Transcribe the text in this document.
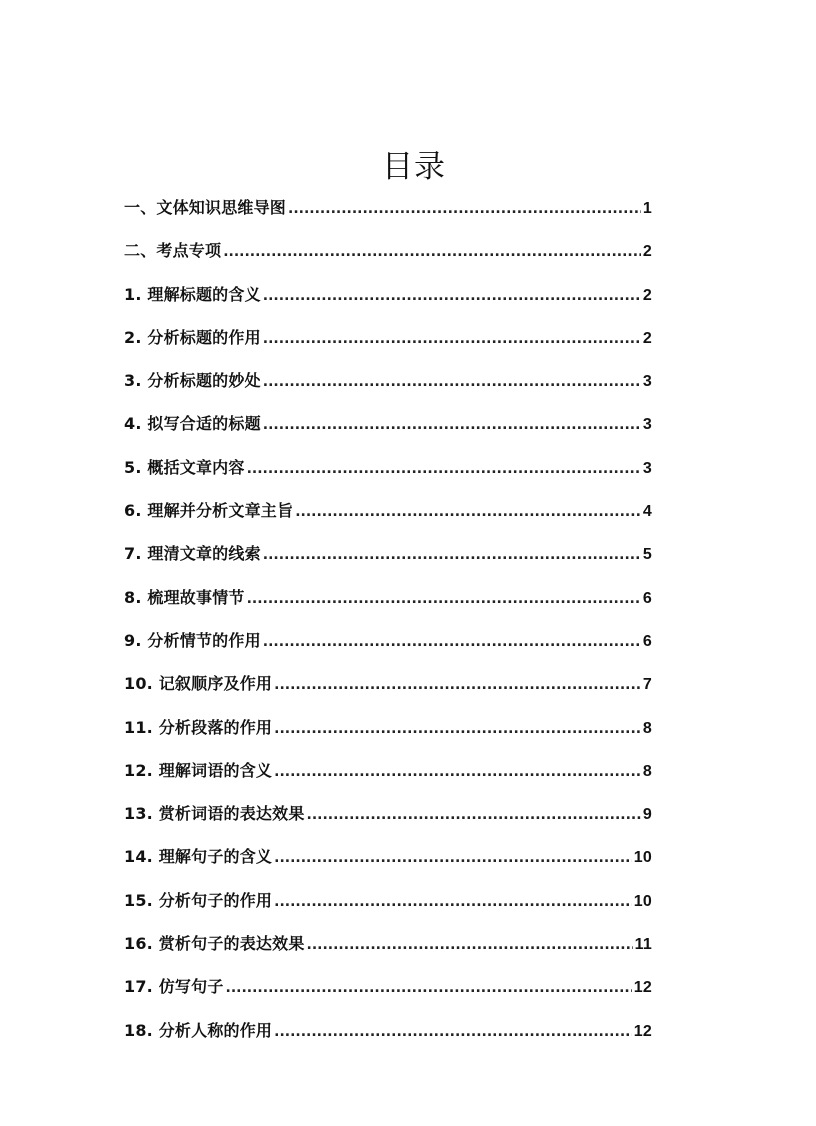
目录
一、文体知识思维导图 .....	1
二、考点专项 .....	2
1. 理解标题的含义 .....	2
2. 分析标题的作用 .....	2
3. 分析标题的妙处 .....	3
4. 拟写合适的标题 .....	3
5. 概括文章内容 .....	3
6. 理解并分析文章主旨 .....	4
7. 理清文章的线索 .....	5
8. 梳理故事情节 .....	6
9. 分析情节的作用 .....	6
10. 记叙顺序及作用 .....	7
11. 分析段落的作用 .....	8
12. 理解词语的含义 .....	8
13. 赏析词语的表达效果 .....	9
14. 理解句子的含义 .....	10
15. 分析句子的作用 .....	10
16. 赏析句子的表达效果 .....	11
17. 仿写句子 .....	12
18. 分析人称的作用 .....	12
